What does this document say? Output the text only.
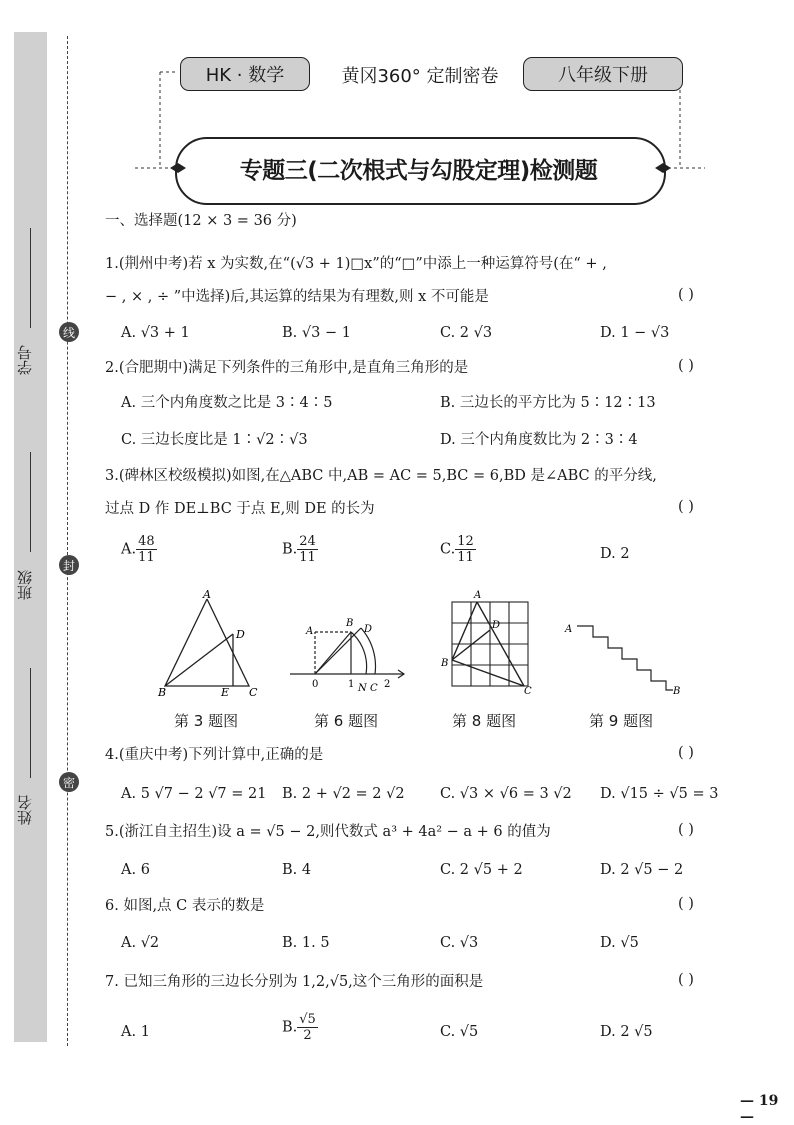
学号
班级
姓名
线
封
密
HK · 数学	黄冈360° 定制密卷	八年级下册
专题三(二次根式与勾股定理)检测题
一、选择题(12 × 3 = 36 分)
1.(荆州中考)若 x 为实数,在“(√3 + 1)□x”的“□”中添上一种运算符号(在“ + ,
− , × , ÷ ”中选择)后,其运算的结果为有理数,则 x 不可能是	( )
A. √3 + 1	B. √3 − 1	C. 2 √3	D. 1 − √3
2.(合肥期中)满足下列条件的三角形中,是直角三角形的是	( )
A. 三个内角度数之比是 3∶4∶5	B. 三边长的平方比为 5∶12∶13
C. 三边长度比是 1∶√2∶√3	D. 三个内角度数比为 2∶3∶4
3.(碑林区校级模拟)如图,在△ABC 中,AB = AC = 5,BC = 6,BD 是∠ABC 的平分线,
过点 D 作 DE⊥BC 于点 E,则 DE 的长为	( )
A. $\frac{48}{11}$	B. $\frac{24}{11}$	C. $\frac{12}{11}$	D. 2
A
B	C
D
E
A
B
D
0	1 N C 2
A
B
C
D	A
B
第 3 题图	第 6 题图	第 8 题图	第 9 题图
4.(重庆中考)下列计算中,正确的是	( )
A. 5 √7 − 2 √7 = 21 B. 2 + √2 = 2 √2 C. √3 × √6 = 3 √2 D. √15 ÷ √5 = 3
5.(浙江自主招生)设 a = √5 − 2,则代数式 a³ + 4a² − a + 6 的值为	( )
A. 6	B. 4	C. 2 √5 + 2	D. 2 √5 − 2
6. 如图,点 C 表示的数是	( )
A. √2	B. 1. 5	C. √3	D. √5
7. 已知三角形的三边长分别为 1,2,√5,这个三角形的面积是	( )
A. 1	B. $\frac{√5}{2}$	C. √5	D. 2 √5
— 19 —
